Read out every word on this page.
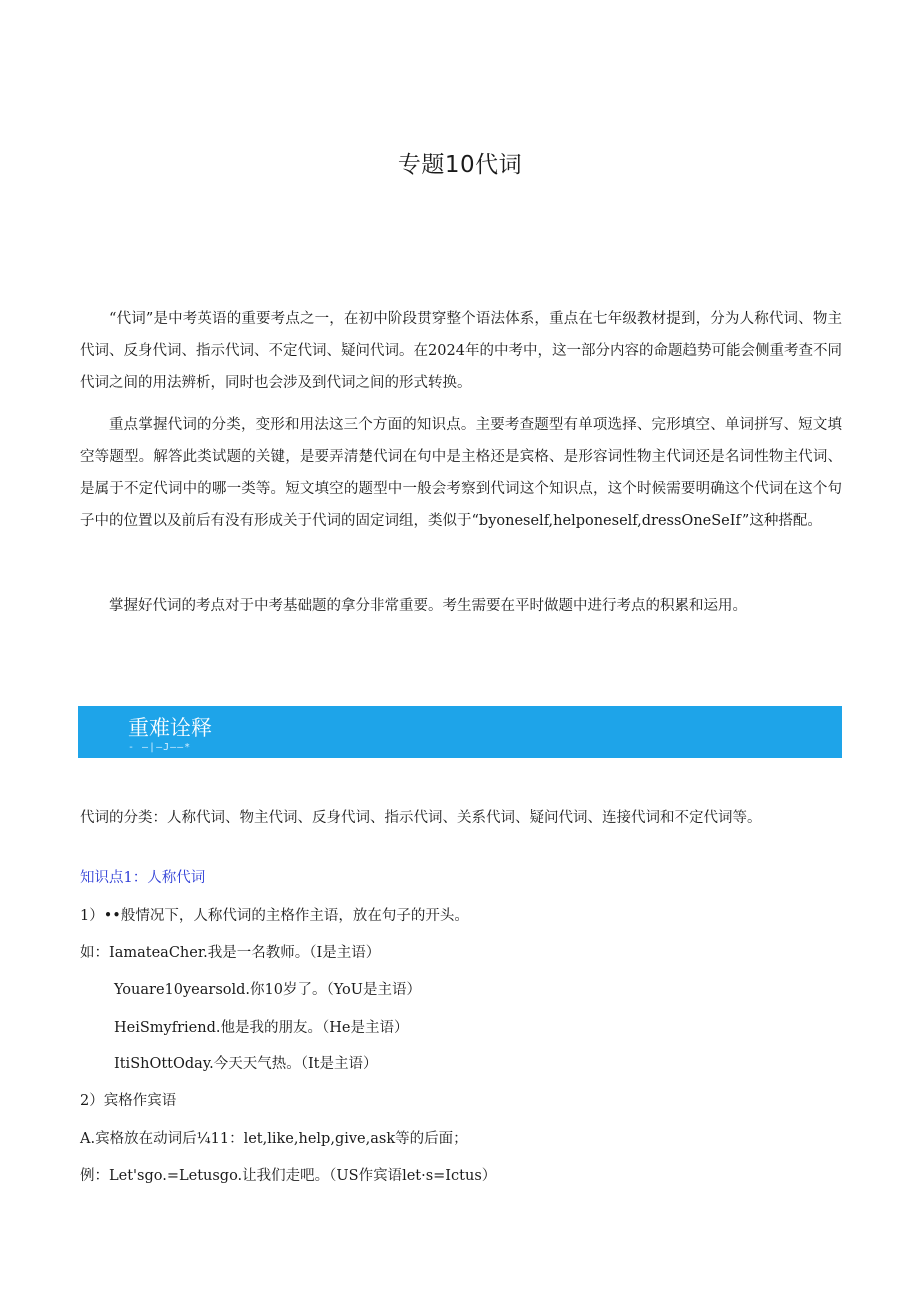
专题10代词

“代词”是中考英语的重要考点之一，在初中阶段贯穿整个语法体系，重点在七年级教材提到，分为人称代词、物主代词、反身代词、指示代词、不定代词、疑问代词。在2024年的中考中，这一部分内容的命题趋势可能会侧重考查不同代词之间的用法辨析，同时也会涉及到代词之间的形式转换。

重点掌握代词的分类，变形和用法这三个方面的知识点。主要考查题型有单项选择、完形填空、单词拼写、短文填空等题型。解答此类试题的关键，是要弄清楚代词在句中是主格还是宾格、是形容词性物主代词还是名词性物主代词、是属于不定代词中的哪一类等。短文填空的题型中一般会考察到代词这个知识点，这个时候需要明确这个代词在这个句子中的位置以及前后有没有形成关于代词的固定词组，类似于“byoneself,helponeself,dressOneSeIf”这种搭配。

掌握好代词的考点对于中考基础题的拿分非常重要。考生需要在平时做题中进行考点的积累和运用。

重难诠释
- —|—J——*

代词的分类：人称代词、物主代词、反身代词、指示代词、关系代词、疑问代词、连接代词和不定代词等。

知识点1：人称代词

1）••般情况下，人称代词的主格作主语，放在句子的开头。

如：IamateaCher.我是一名教师。（I是主语）

Youare10yearsold.你10岁了。（YoU是主语）

HeiSmyfriend.他是我的朋友。（He是主语）

ItiShOttOday.今天天气热。（It是主语）

2）宾格作宾语

A.宾格放在动词后¼11：let,like,help,give,ask等的后面；

例：Let'sgo.=Letusgo.让我们走吧。（US作宾语let·s=Ictus）
